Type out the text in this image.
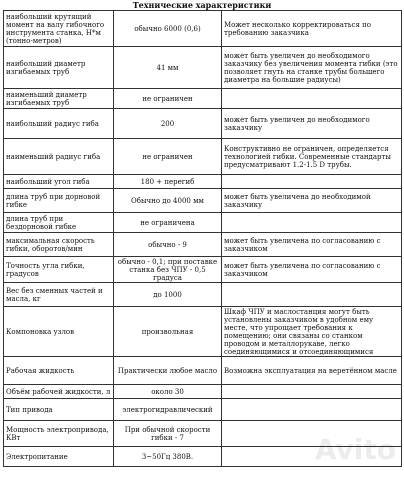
Технические характеристики
наибольший крутящий момент на валу гибочного инструмента станка, Н*м (тонно-метров)	обычно 6000 (0,6)	Может несколько корректироваться по требованию заказчика
наибольший диаметр изгибаемых труб	41 мм	может быть увеличен до необходимого заказчику без увеличения момента гибки (это позволяет гнуть на станке трубы большего диаметра на большие радиусы)
наименьший диаметр изгибаемых труб	не ограничен	
наибольший радиус гиба	200	может быть увеличен до необходимого заказчику
наименьший радиус гиба	не ограничен	Конструктивно не ограничен, определяется технологией гибки. Современные стандарты предусматривают 1.2-1.5 D трубы.
наибольший угол гиба	180 + перегиб	
длина труб при дорновой гибке	Обычно до 4000 мм	может быть увеличена до необходимой заказчику
длина труб при бездорновой гибке	не ограничена	
максимальная скорость гибки, оборотов/мин	обычно - 9	может быть увеличена по согласованию с заказчиком
Точность угла гибки, градусов	обычно - 0,1; при поставке станка без ЧПУ - 0,5 градуса	может быть увеличена по согласованию с заказчиком
Вес без сменных частей и масла, кг	до 1000	
Компоновка узлов	произвольная	Шкаф ЧПУ и маслостанция могут быть установлены заказчиком в удобном ему месте, что упрощает требования к помещению; они связаны со станком проводом и металлорукаве, легко соединяющимися и отсоединяющимися
Рабочая жидкость	Практически любое масло	Возможна эксплуатация на веретённом масле
Объём рабочей жидкости, л	около 30	
Тип привода	электрогидравлический	
Мощность электропривода, КВт	При обычной скорости гибки - 7	
Электропитание	3~50Гц 380В.		Avito
